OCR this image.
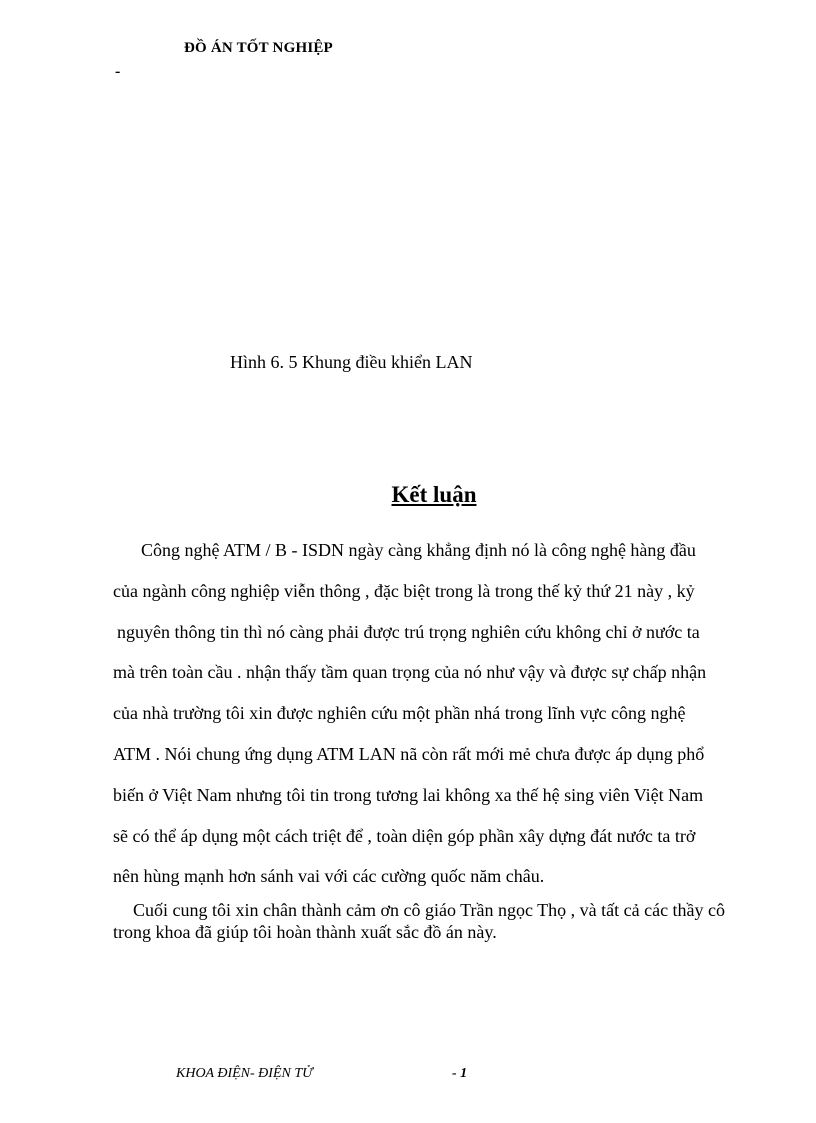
ĐỒ ÁN TỐT NGHIỆP
-
Hình 6. 5 Khung điều khiển LAN
Kết luận
Công nghệ ATM / B - ISDN ngày càng khẳng định nó là công nghệ hàng đầu
của ngành công nghiệp viễn thông , đặc biệt trong là trong thế kỷ thứ 21 này , kỷ
nguyên thông tin thì nó càng phải được trú trọng nghiên cứu không chỉ ở nước ta
mà trên toàn cầu . nhận thấy tầm quan trọng của nó như vậy và được sự chấp nhận
của nhà trường tôi xin được nghiên cứu một phần nhá trong lĩnh vực công nghệ
ATM . Nói chung ứng dụng ATM LAN nã còn rất mới mẻ chưa được áp dụng phổ
biến ở Việt Nam nhưng tôi tin trong tương lai không xa thế hệ sing viên Việt Nam
sẽ có thể áp dụng một cách triệt để , toàn diện góp phần xây dựng đát nước ta trở
nên hùng mạnh hơn sánh vai với các cường quốc năm châu.
Cuối cung tôi xin chân thành cảm ơn cô giáo Trần ngọc Thọ , và tất cả các thầy cô
trong khoa đã giúp tôi hoàn thành xuất sắc đồ án này.
KHOA ĐIỆN- ĐIỆN TỬ	- 1
